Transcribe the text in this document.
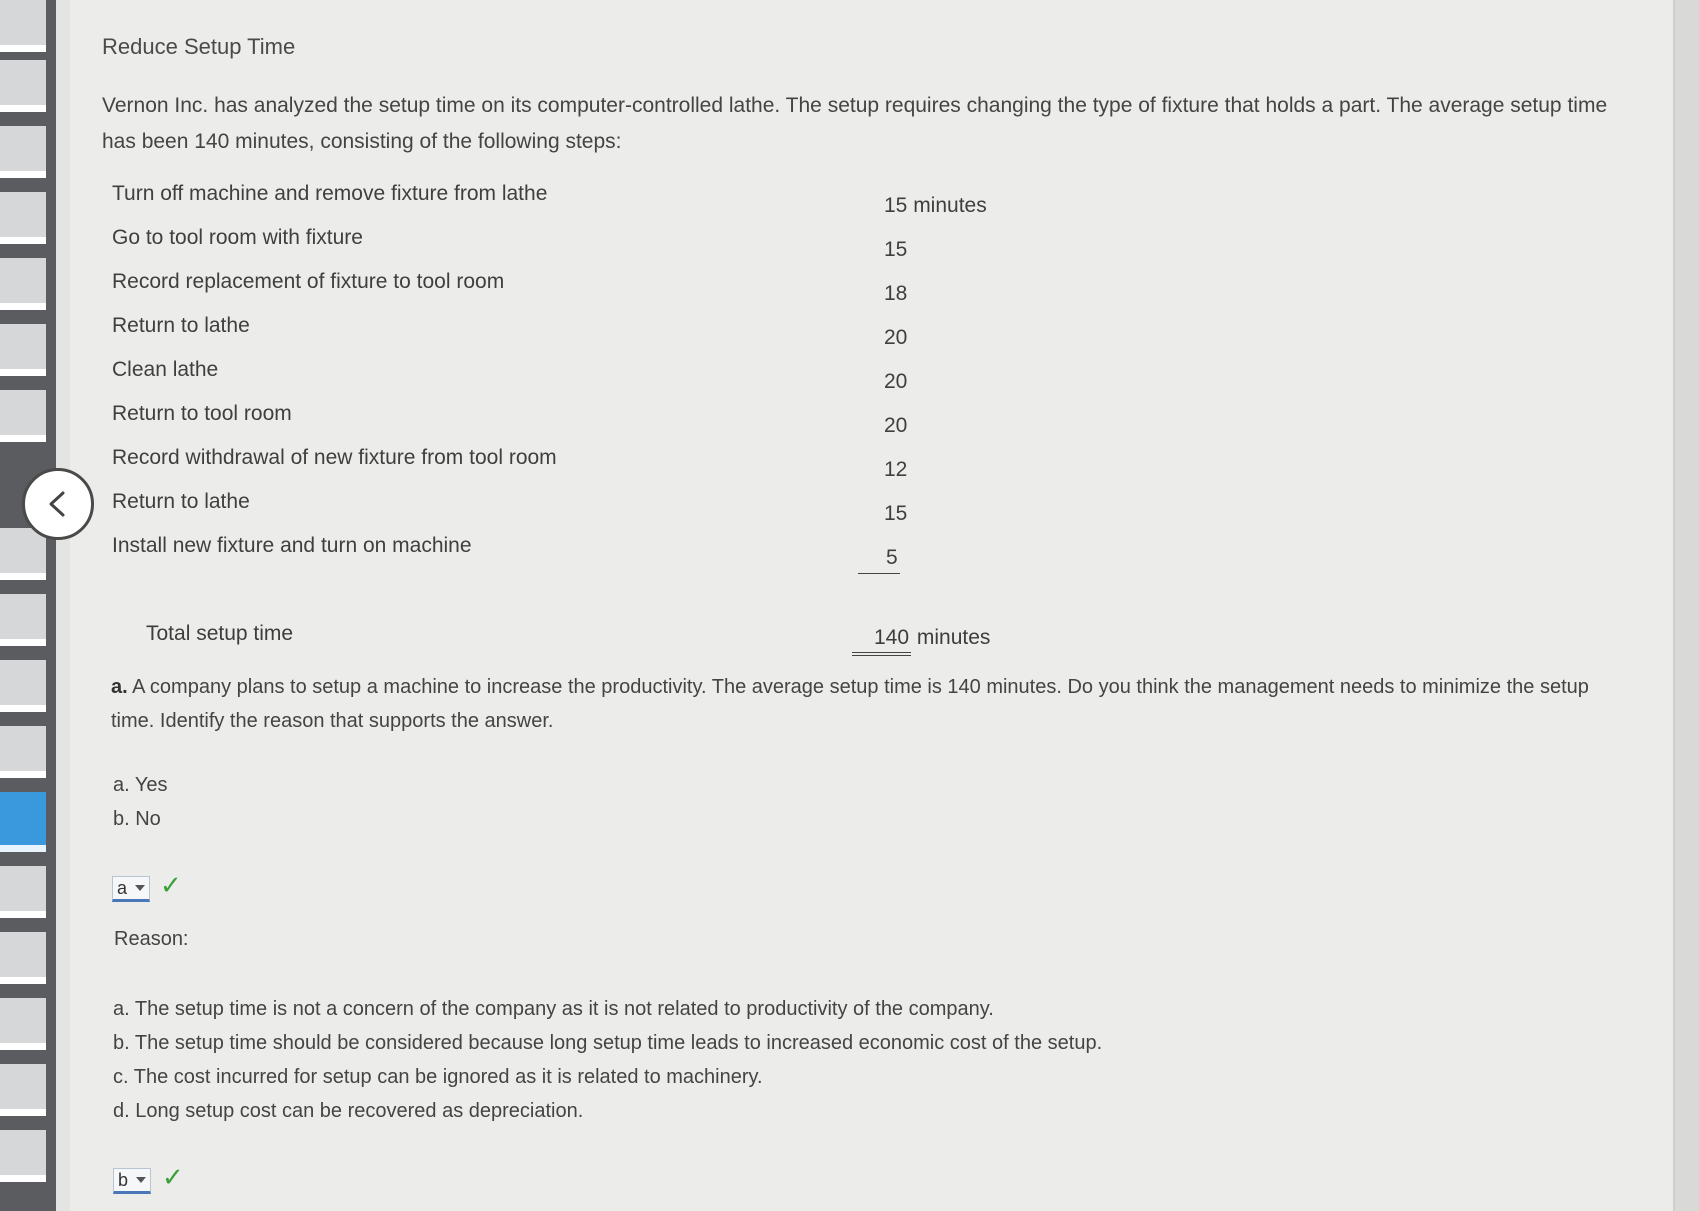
Reduce Setup Time
Vernon Inc. has analyzed the setup time on its computer-controlled lathe. The setup requires changing the type of fixture that holds a part. The average setup time has been 140 minutes, consisting of the following steps:
Turn off machine and remove fixture from lathe
15 minutes
Go to tool room with fixture
15
Record replacement of fixture to tool room
18
Return to lathe
20
Clean lathe
20
Return to tool room
20
Record withdrawal of new fixture from tool room
12
Return to lathe
15
Install new fixture and turn on machine
5
Total setup time	140 minutes
a. A company plans to setup a machine to increase the productivity. The average setup time is 140 minutes. Do you think the management needs to minimize the setup time. Identify the reason that supports the answer.
a. Yes
b. No
a ✓
Reason:
a. The setup time is not a concern of the company as it is not related to productivity of the company.
b. The setup time should be considered because long setup time leads to increased economic cost of the setup.
c. The cost incurred for setup can be ignored as it is related to machinery.
d. Long setup cost can be recovered as depreciation.
b ✓
